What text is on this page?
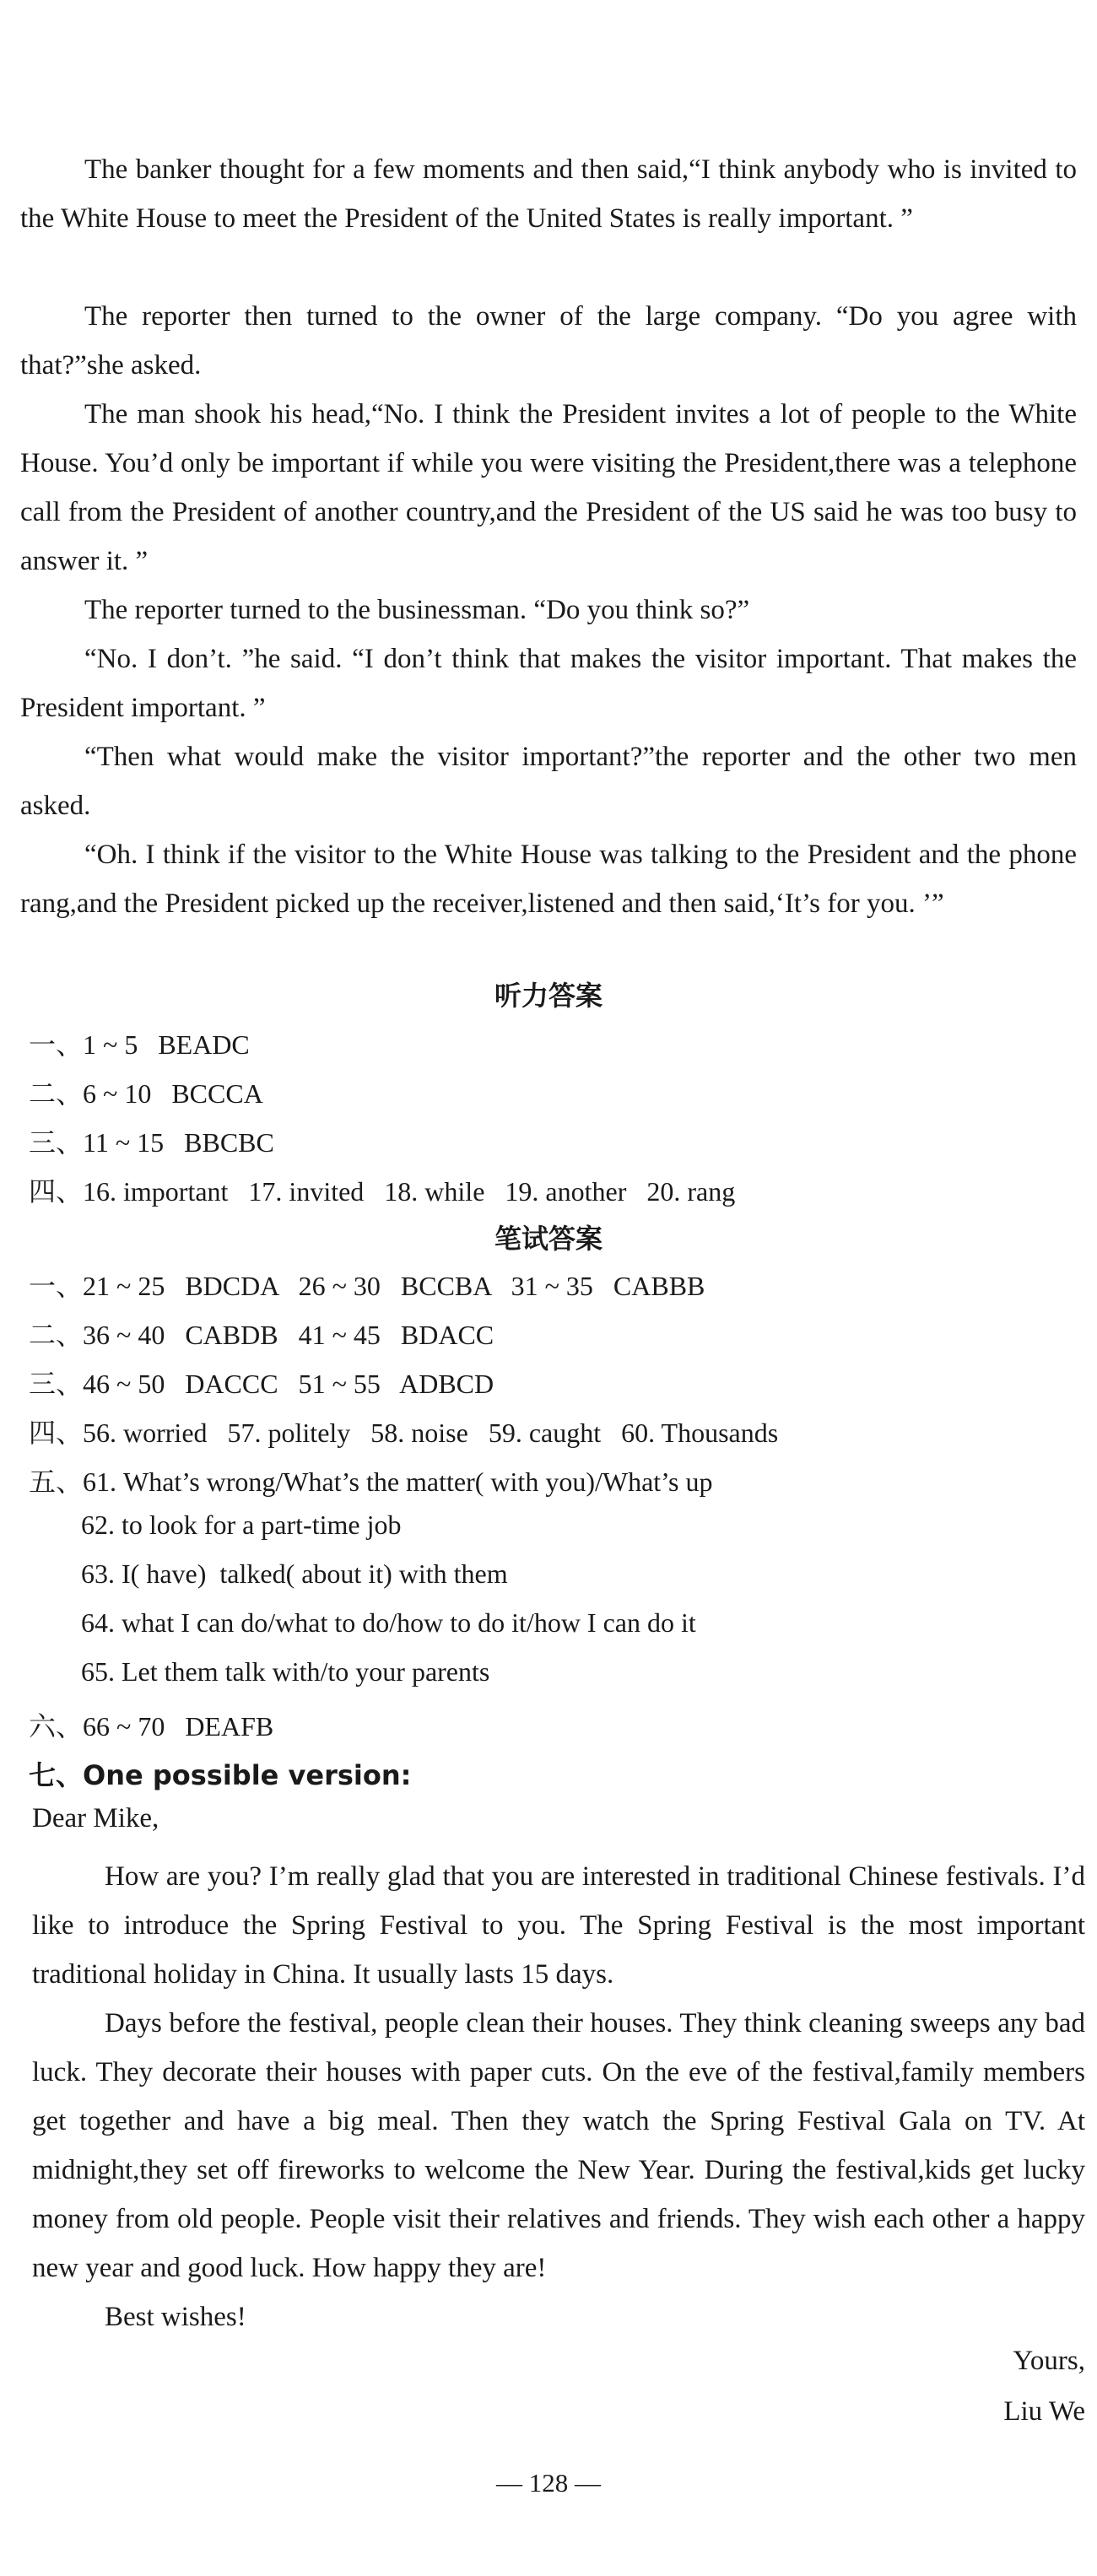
The banker thought for a few moments and then said,“I think anybody who is invited to the White House to meet the President of the United States is really important. ”

The reporter then turned to the owner of the large company. “Do you agree with that?”she asked.

The man shook his head,“No. I think the President invites a lot of people to the White House. You’d only be important if while you were visiting the President,there was a telephone call from the President of another country,and the President of the US said he was too busy to answer it. ”

The reporter turned to the businessman. “Do you think so?”

“No. I don’t. ”he said. “I don’t think that makes the visitor important. That makes the President important. ”

“Then what would make the visitor important?”the reporter and the other two men asked.

“Oh. I think if the visitor to the White House was talking to the President and the phone rang,and the President picked up the receiver,listened and then said,‘It’s for you. ’”

听力答案

一、1 ~ 5   BEADC

二、6 ~ 10   BCCCA

三、11 ~ 15   BBCBC

四、16. important   17. invited   18. while   19. another   20. rang

笔试答案

一、21 ~ 25   BDCDA   26 ~ 30   BCCBA   31 ~ 35   CABBB

二、36 ~ 40   CABDB   41 ~ 45   BDACC

三、46 ~ 50   DACCC   51 ~ 55   ADBCD

四、56. worried   57. politely   58. noise   59. caught   60. Thousands

五、61. What’s wrong/What’s the matter( with you)/What’s up

62. to look for a part-time job

63. I( have)  talked( about it) with them

64. what I can do/what to do/how to do it/how I can do it

65. Let them talk with/to your parents

六、66 ~ 70   DEAFB

七、One possible version:

Dear Mike,

How are you? I’m really glad that you are interested in traditional Chinese festivals. I’d like to introduce the Spring Festival to you. The Spring Festival is the most important traditional holiday in China. It usually lasts 15 days.

Days before the festival, people clean their houses. They think cleaning sweeps any bad luck. They decorate their houses with paper cuts. On the eve of the festival,family members get together and have a big meal. Then they watch the Spring Festival Gala on TV. At midnight,they set off fireworks to welcome the New Year. During the festival,kids get lucky money from old people. People visit their relatives and friends. They wish each other a happy new year and good luck. How happy they are!

Best wishes!

Yours,

Liu We

— 128 —
